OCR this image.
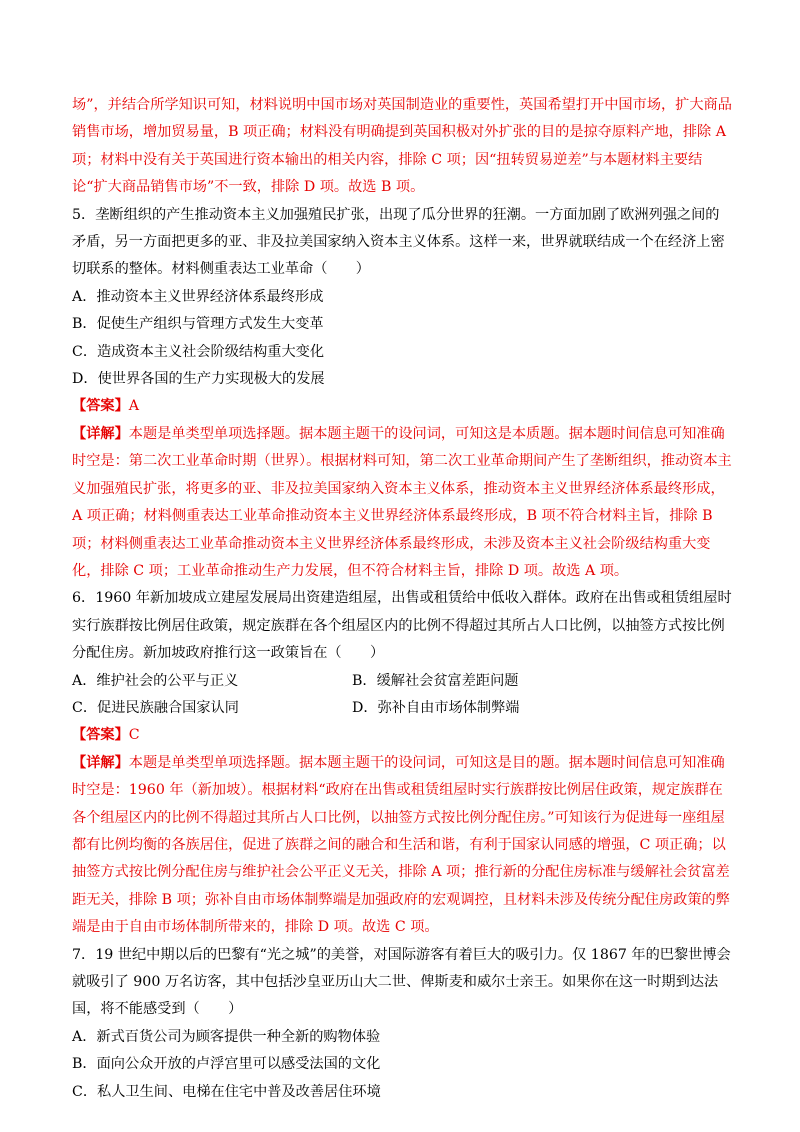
场”，并结合所学知识可知，材料说明中国市场对英国制造业的重要性，英国希望打开中国市场，扩大商品销售市场，增加贸易量，B 项正确；材料没有明确提到英国积极对外扩张的目的是掠夺原料产地，排除 A 项；材料中没有关于英国进行资本输出的相关内容，排除 C 项；因“扭转贸易逆差”与本题材料主要结论“扩大商品销售市场”不一致，排除 D 项。故选 B 项。

5．垄断组织的产生推动资本主义加强殖民扩张，出现了瓜分世界的狂潮。一方面加剧了欧洲列强之间的矛盾，另一方面把更多的亚、非及拉美国家纳入资本主义体系。这样一来，世界就联结成一个在经济上密切联系的整体。材料侧重表达工业革命（　　）

A．推动资本主义世界经济体系最终形成

B．促使生产组织与管理方式发生大变革

C．造成资本主义社会阶级结构重大变化

D．使世界各国的生产力实现极大的发展

【答案】A

【详解】本题是单类型单项选择题。据本题主题干的设问词，可知这是本质题。据本题时间信息可知准确时空是：第二次工业革命时期（世界）。根据材料可知，第二次工业革命期间产生了垄断组织，推动资本主义加强殖民扩张，将更多的亚、非及拉美国家纳入资本主义体系，推动资本主义世界经济体系最终形成，A 项正确；材料侧重表达工业革命推动资本主义世界经济体系最终形成，B 项不符合材料主旨，排除 B 项；材料侧重表达工业革命推动资本主义世界经济体系最终形成，未涉及资本主义社会阶级结构重大变化，排除 C 项；工业革命推动生产力发展，但不符合材料主旨，排除 D 项。故选 A 项。

6．1960 年新加坡成立建屋发展局出资建造组屋，出售或租赁给中低收入群体。政府在出售或租赁组屋时实行族群按比例居住政策，规定族群在各个组屋区内的比例不得超过其所占人口比例，以抽签方式按比例分配住房。新加坡政府推行这一政策旨在（　　）

A．维护社会的公平与正义	B．缓解社会贫富差距问题

C．促进民族融合国家认同	D．弥补自由市场体制弊端

【答案】C

【详解】本题是单类型单项选择题。据本题主题干的设问词，可知这是目的题。据本题时间信息可知准确时空是：1960 年（新加坡）。根据材料“政府在出售或租赁组屋时实行族群按比例居住政策，规定族群在各个组屋区内的比例不得超过其所占人口比例，以抽签方式按比例分配住房。”可知该行为促进每一座组屋都有比例均衡的各族居住，促进了族群之间的融合和生活和谐，有利于国家认同感的增强，C 项正确；以抽签方式按比例分配住房与维护社会公平正义无关，排除 A 项；推行新的分配住房标准与缓解社会贫富差距无关，排除 B 项；弥补自由市场体制弊端是加强政府的宏观调控，且材料未涉及传统分配住房政策的弊端是由于自由市场体制所带来的，排除 D 项。故选 C 项。

7．19 世纪中期以后的巴黎有“光之城”的美誉，对国际游客有着巨大的吸引力。仅 1867 年的巴黎世博会就吸引了 900 万名访客，其中包括沙皇亚历山大二世、俾斯麦和威尔士亲王。如果你在这一时期到达法国，将不能感受到（　　）

A．新式百货公司为顾客提供一种全新的购物体验

B．面向公众开放的卢浮宫里可以感受法国的文化

C．私人卫生间、电梯在住宅中普及改善居住环境
